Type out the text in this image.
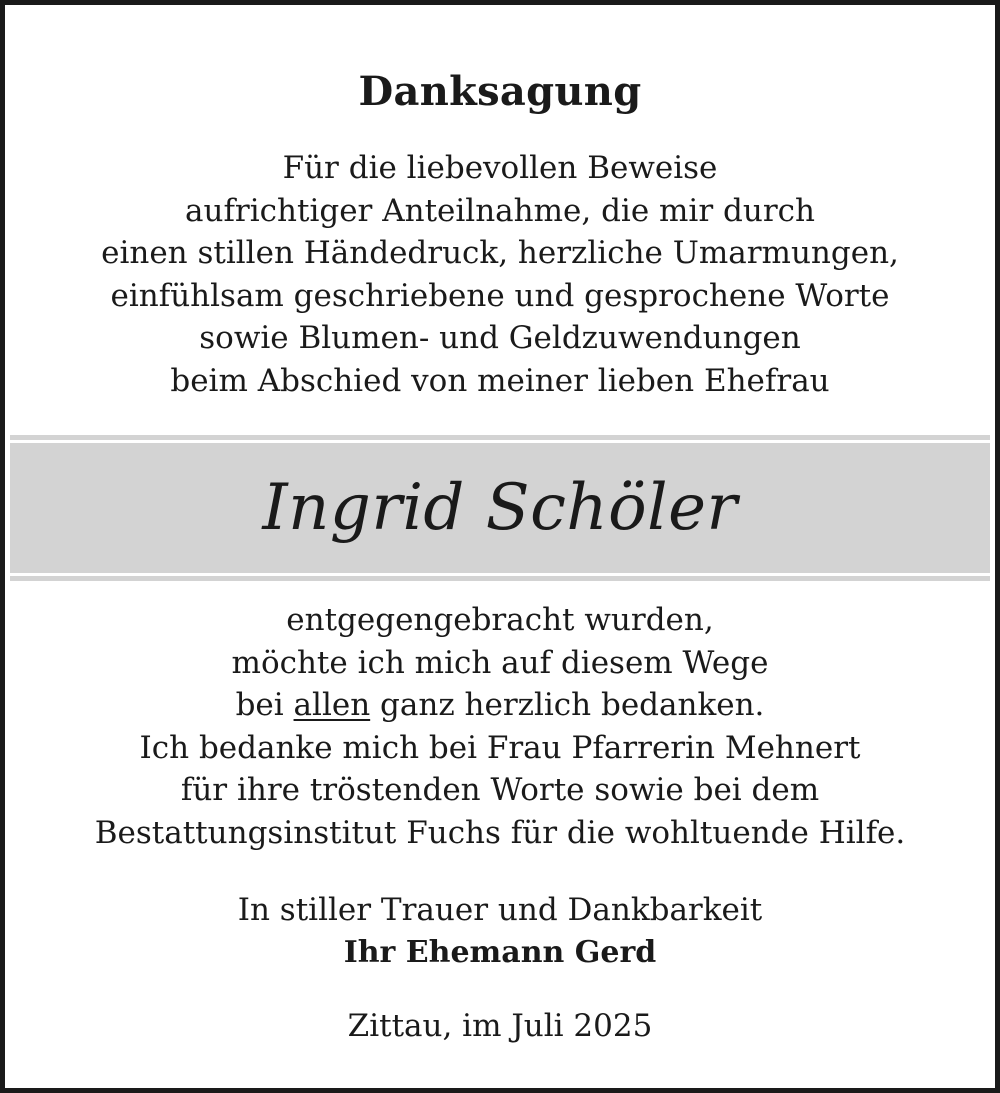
Danksagung
Für die liebevollen Beweise
aufrichtiger Anteilnahme, die mir durch
einen stillen Händedruck, herzliche Umarmungen,
einfühlsam geschriebene und gesprochene Worte
sowie Blumen- und Geldzuwendungen
beim Abschied von meiner lieben Ehefrau
Ingrid Schöler
entgegengebracht wurden,
möchte ich mich auf diesem Wege
bei allen ganz herzlich bedanken.
Ich bedanke mich bei Frau Pfarrerin Mehnert
für ihre tröstenden Worte sowie bei dem
Bestattungsinstitut Fuchs für die wohltuende Hilfe.
In stiller Trauer und Dankbarkeit
Ihr Ehemann Gerd
Zittau, im Juli 2025
